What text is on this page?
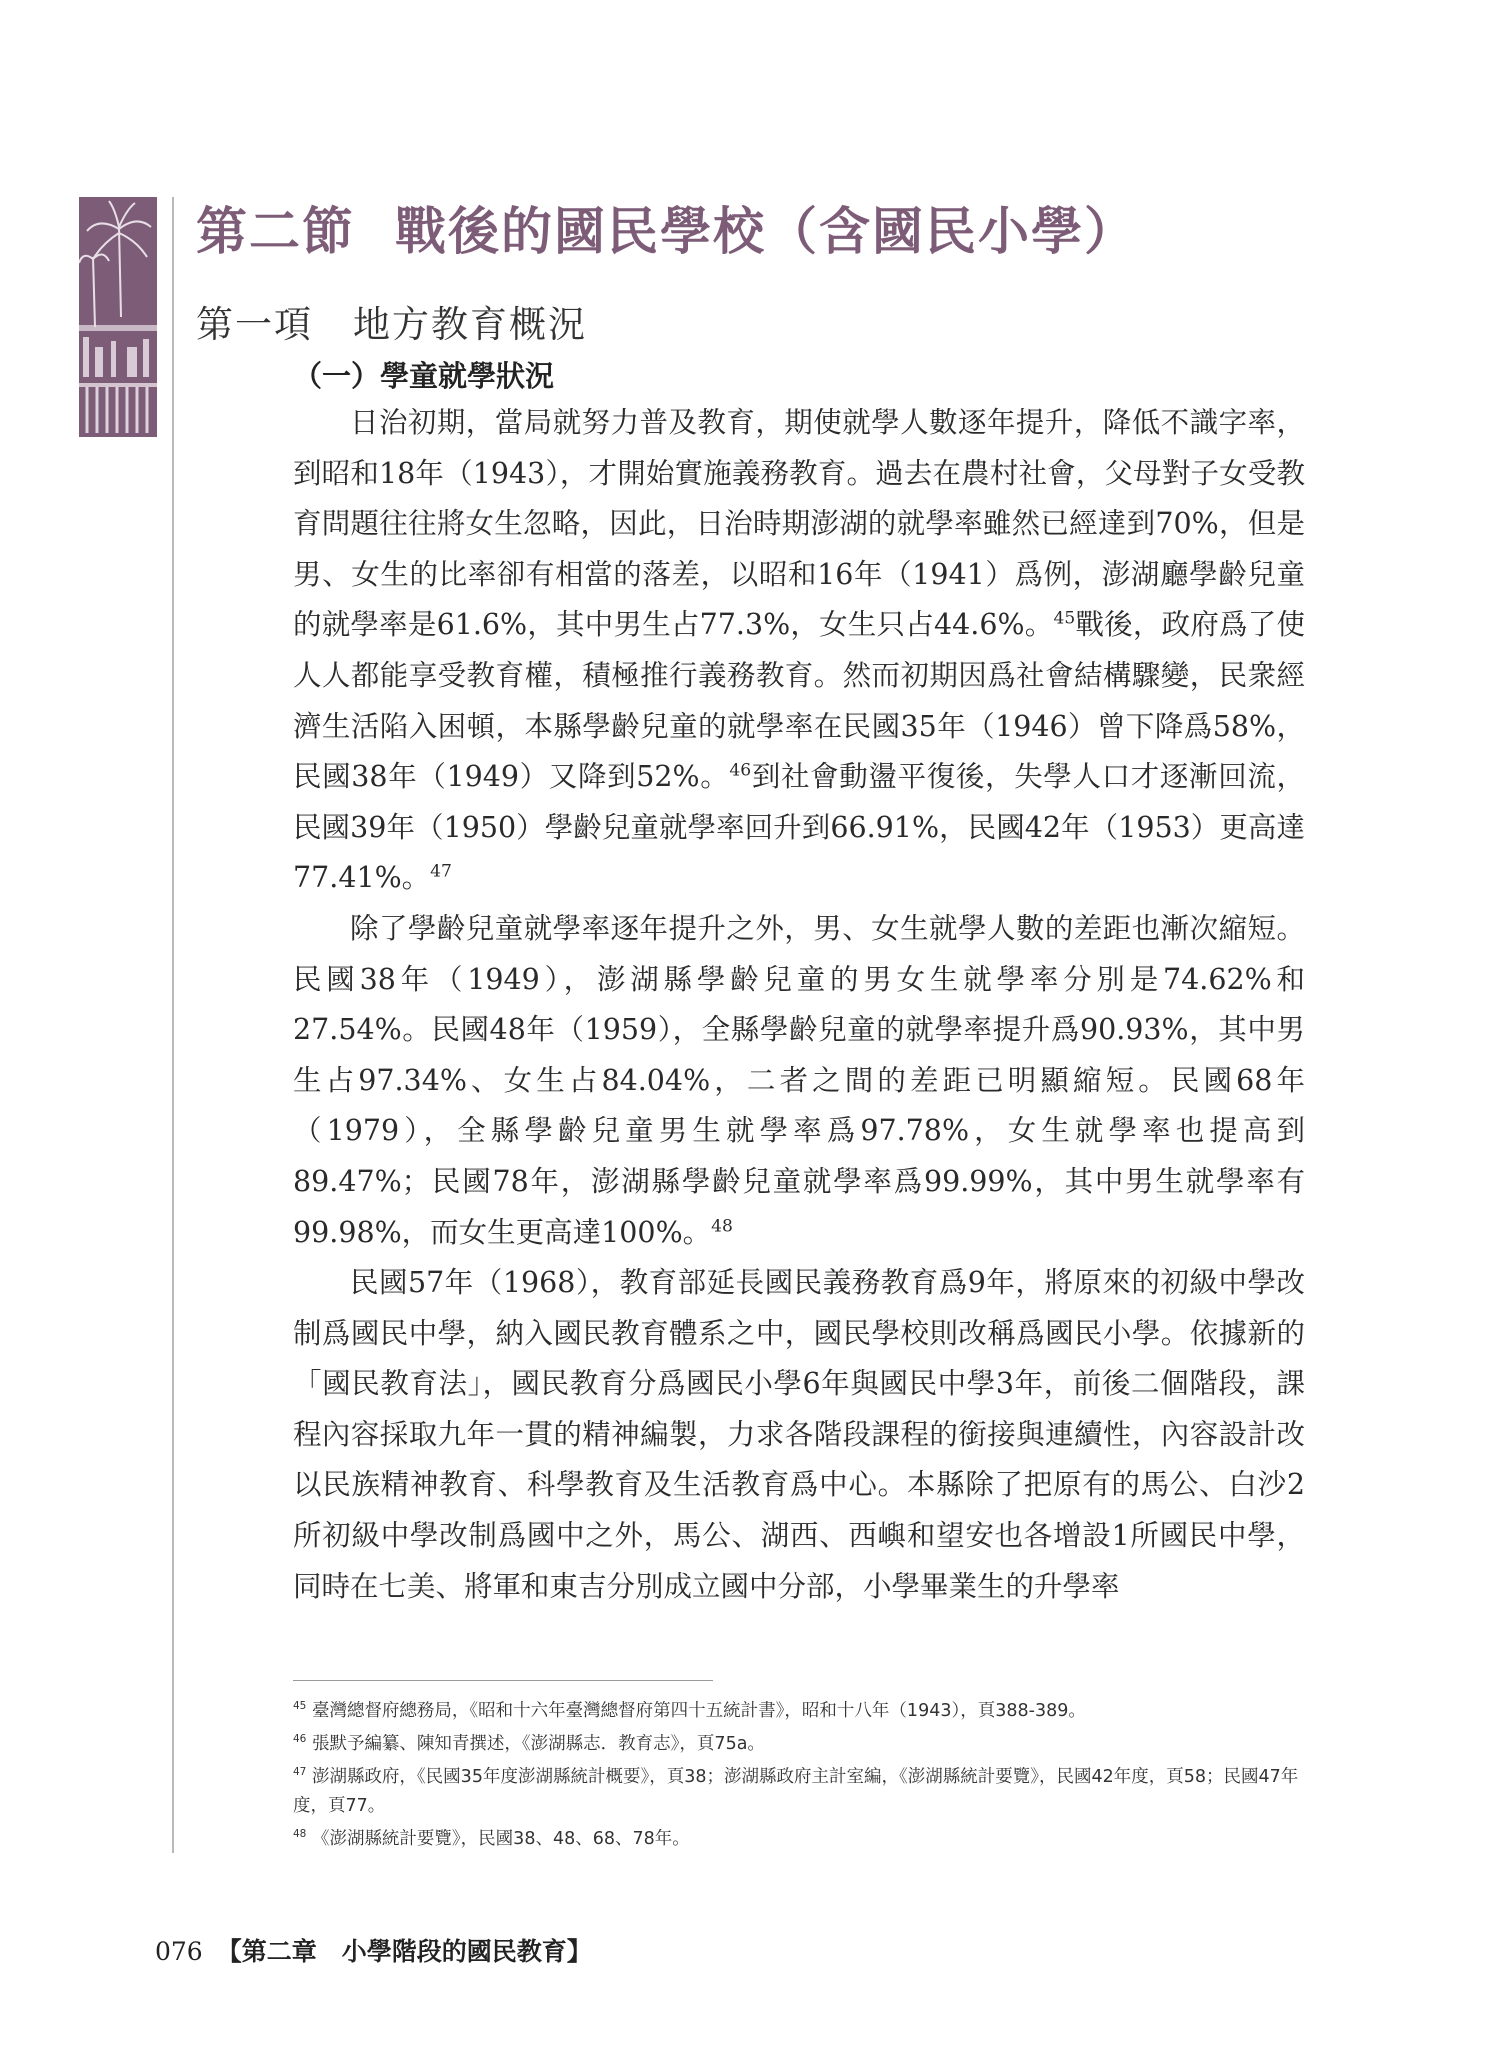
第二節 戰後的國民學校（含國民小學）
第一項 地方教育概況
（一）學童就學狀況

日治初期，當局就努力普及教育，期使就學人數逐年提升，降低不識字率，到昭和18年（1943），才開始實施義務教育。過去在農村社會，父母對子女受教育問題往往將女生忽略，因此，日治時期澎湖的就學率雖然已經達到70%，但是男、女生的比率卻有相當的落差，以昭和16年（1941）爲例，澎湖廳學齡兒童的就學率是61.6%，其中男生占77.3%，女生只占44.6%。$^{45}$戰後，政府爲了使人人都能享受教育權，積極推行義務教育。然而初期因爲社會結構驟變，民衆經濟生活陷入困頓，本縣學齡兒童的就學率在民國35年（1946）曾下降爲58%，民國38年（1949）又降到52%。$^{46}$到社會動盪平復後，失學人口才逐漸回流，民國39年（1950）學齡兒童就學率回升到66.91%，民國42年（1953）更高達77.41%。$^{47}$

除了學齡兒童就學率逐年提升之外，男、女生就學人數的差距也漸次縮短。民國38年（1949），澎湖縣學齡兒童的男女生就學率分別是74.62%和27.54%。民國48年（1959），全縣學齡兒童的就學率提升爲90.93%，其中男生占97.34%、女生占84.04%，二者之間的差距已明顯縮短。民國68年（1979），全縣學齡兒童男生就學率爲97.78%，女生就學率也提高到89.47%；民國78年，澎湖縣學齡兒童就學率爲99.99%，其中男生就學率有99.98%，而女生更高達100%。$^{48}$

民國57年（1968），教育部延長國民義務教育爲9年，將原來的初級中學改制爲國民中學，納入國民教育體系之中，國民學校則改稱爲國民小學。依據新的「國民教育法」，國民教育分爲國民小學6年與國民中學3年，前後二個階段，課程內容採取九年一貫的精神編製，力求各階段課程的銜接與連續性，內容設計改以民族精神教育、科學教育及生活教育爲中心。本縣除了把原有的馬公、白沙2所初級中學改制爲國中之外，馬公、湖西、西嶼和望安也各增設1所國民中學，同時在七美、將軍和東吉分別成立國中分部，小學畢業生的升學率

$^{45}$ 臺灣總督府總務局，《昭和十六年臺灣總督府第四十五統計書》，昭和十八年（1943），頁388-389。

$^{46}$ 張默予編纂、陳知青撰述，《澎湖縣志．教育志》，頁75a。

$^{47}$ 澎湖縣政府，《民國35年度澎湖縣統計概要》，頁38；澎湖縣政府主計室編，《澎湖縣統計要覽》，民國42年度，頁58；民國47年度，頁77。

$^{48}$ 《澎湖縣統計要覽》，民國38、48、68、78年。

076 【第二章　小學階段的國民教育】
